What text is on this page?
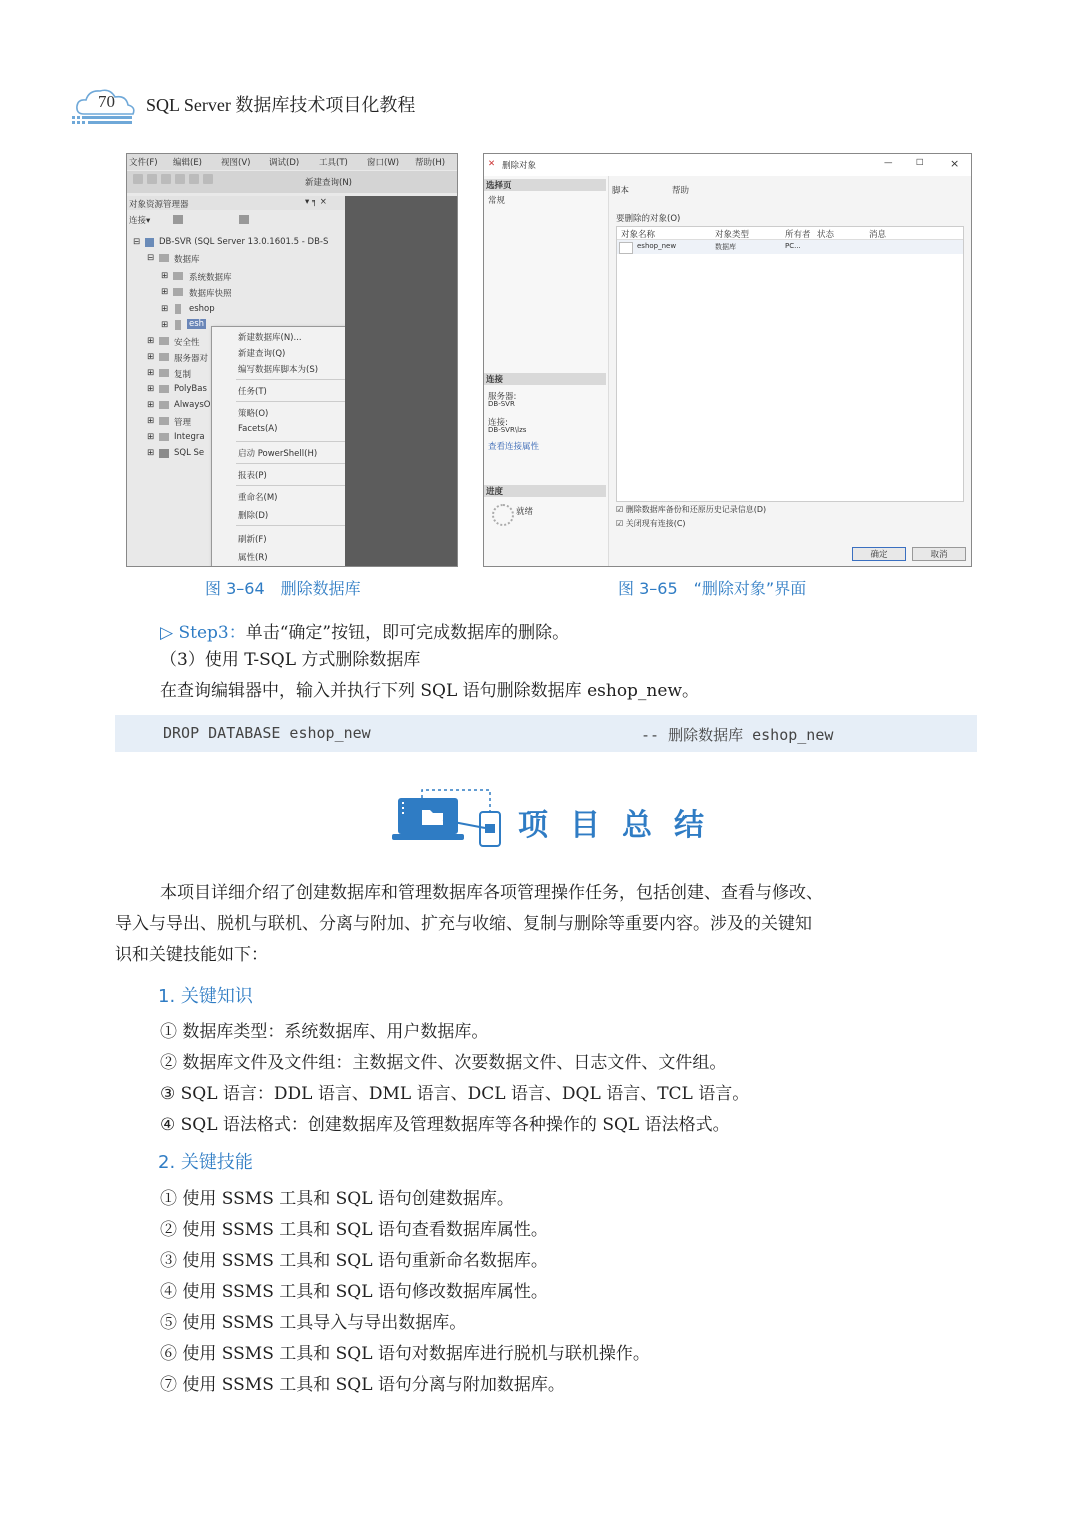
70 SQL Server 数据库技术项目化教程
文件(F) 编辑(E) 视图(V) 调试(D) 工具(T) 窗口(W) 帮助(H)
新建查询(N)
对象资源管理器	▾ ╕ ×
连接▾
⊟ DB-SVR (SQL Server 13.0.1601.5 - DB-S
⊟ 数据库
⊞ 系统数据库
⊞ 数据库快照
⊞ eshop
⊞ esh
⊞ 安全性
⊞ 服务器对
⊞ 复制
⊞ PolyBas
⊞ AlwaysO
⊞ 管理
⊞ Integra
⊞ SQL Se
新建数据库(N)...
新建查询(Q)
编写数据库脚本为(S)
任务(T)
策略(O)
Facets(A)
启动 PowerShell(H)
报表(P)
重命名(M)
删除(D)
刷新(F)
属性(R)
✕ 删除对象	—	☐ ×
选择页
常规
连接
服务器:
DB-SVR
连接:
DB-SVR\lzs
查看连接属性
进度
就绪
脚本	帮助
要删除的对象(O)
对象名称	对象类型	所有者 状态	消息
eshop_new	数据库	PC...
☑ 删除数据库备份和还原历史记录信息(D)
☑ 关闭现有连接(C)
确定	取消
图 3–64　删除数据库	图 3–65　“删除对象”界面
▷ Step3：单击“确定”按钮，即可完成数据库的删除。
（3）使用 T-SQL 方式删除数据库
在查询编辑器中，输入并执行下列 SQL 语句删除数据库 eshop_new。
DROP DATABASE eshop_new	-- 删除数据库 eshop_new
项目总结
本项目详细介绍了创建数据库和管理数据库各项管理操作任务，包括创建、查看与修改、
导入与导出、脱机与联机、分离与附加、扩充与收缩、复制与删除等重要内容。涉及的关键知
识和关键技能如下：
1. 关键知识
① 数据库类型：系统数据库、用户数据库。
② 数据库文件及文件组：主数据文件、次要数据文件、日志文件、文件组。
③ SQL 语言：DDL 语言、DML 语言、DCL 语言、DQL 语言、TCL 语言。
④ SQL 语法格式：创建数据库及管理数据库等各种操作的 SQL 语法格式。
2. 关键技能
① 使用 SSMS 工具和 SQL 语句创建数据库。
② 使用 SSMS 工具和 SQL 语句查看数据库属性。
③ 使用 SSMS 工具和 SQL 语句重新命名数据库。
④ 使用 SSMS 工具和 SQL 语句修改数据库属性。
⑤ 使用 SSMS 工具导入与导出数据库。
⑥ 使用 SSMS 工具和 SQL 语句对数据库进行脱机与联机操作。
⑦ 使用 SSMS 工具和 SQL 语句分离与附加数据库。
